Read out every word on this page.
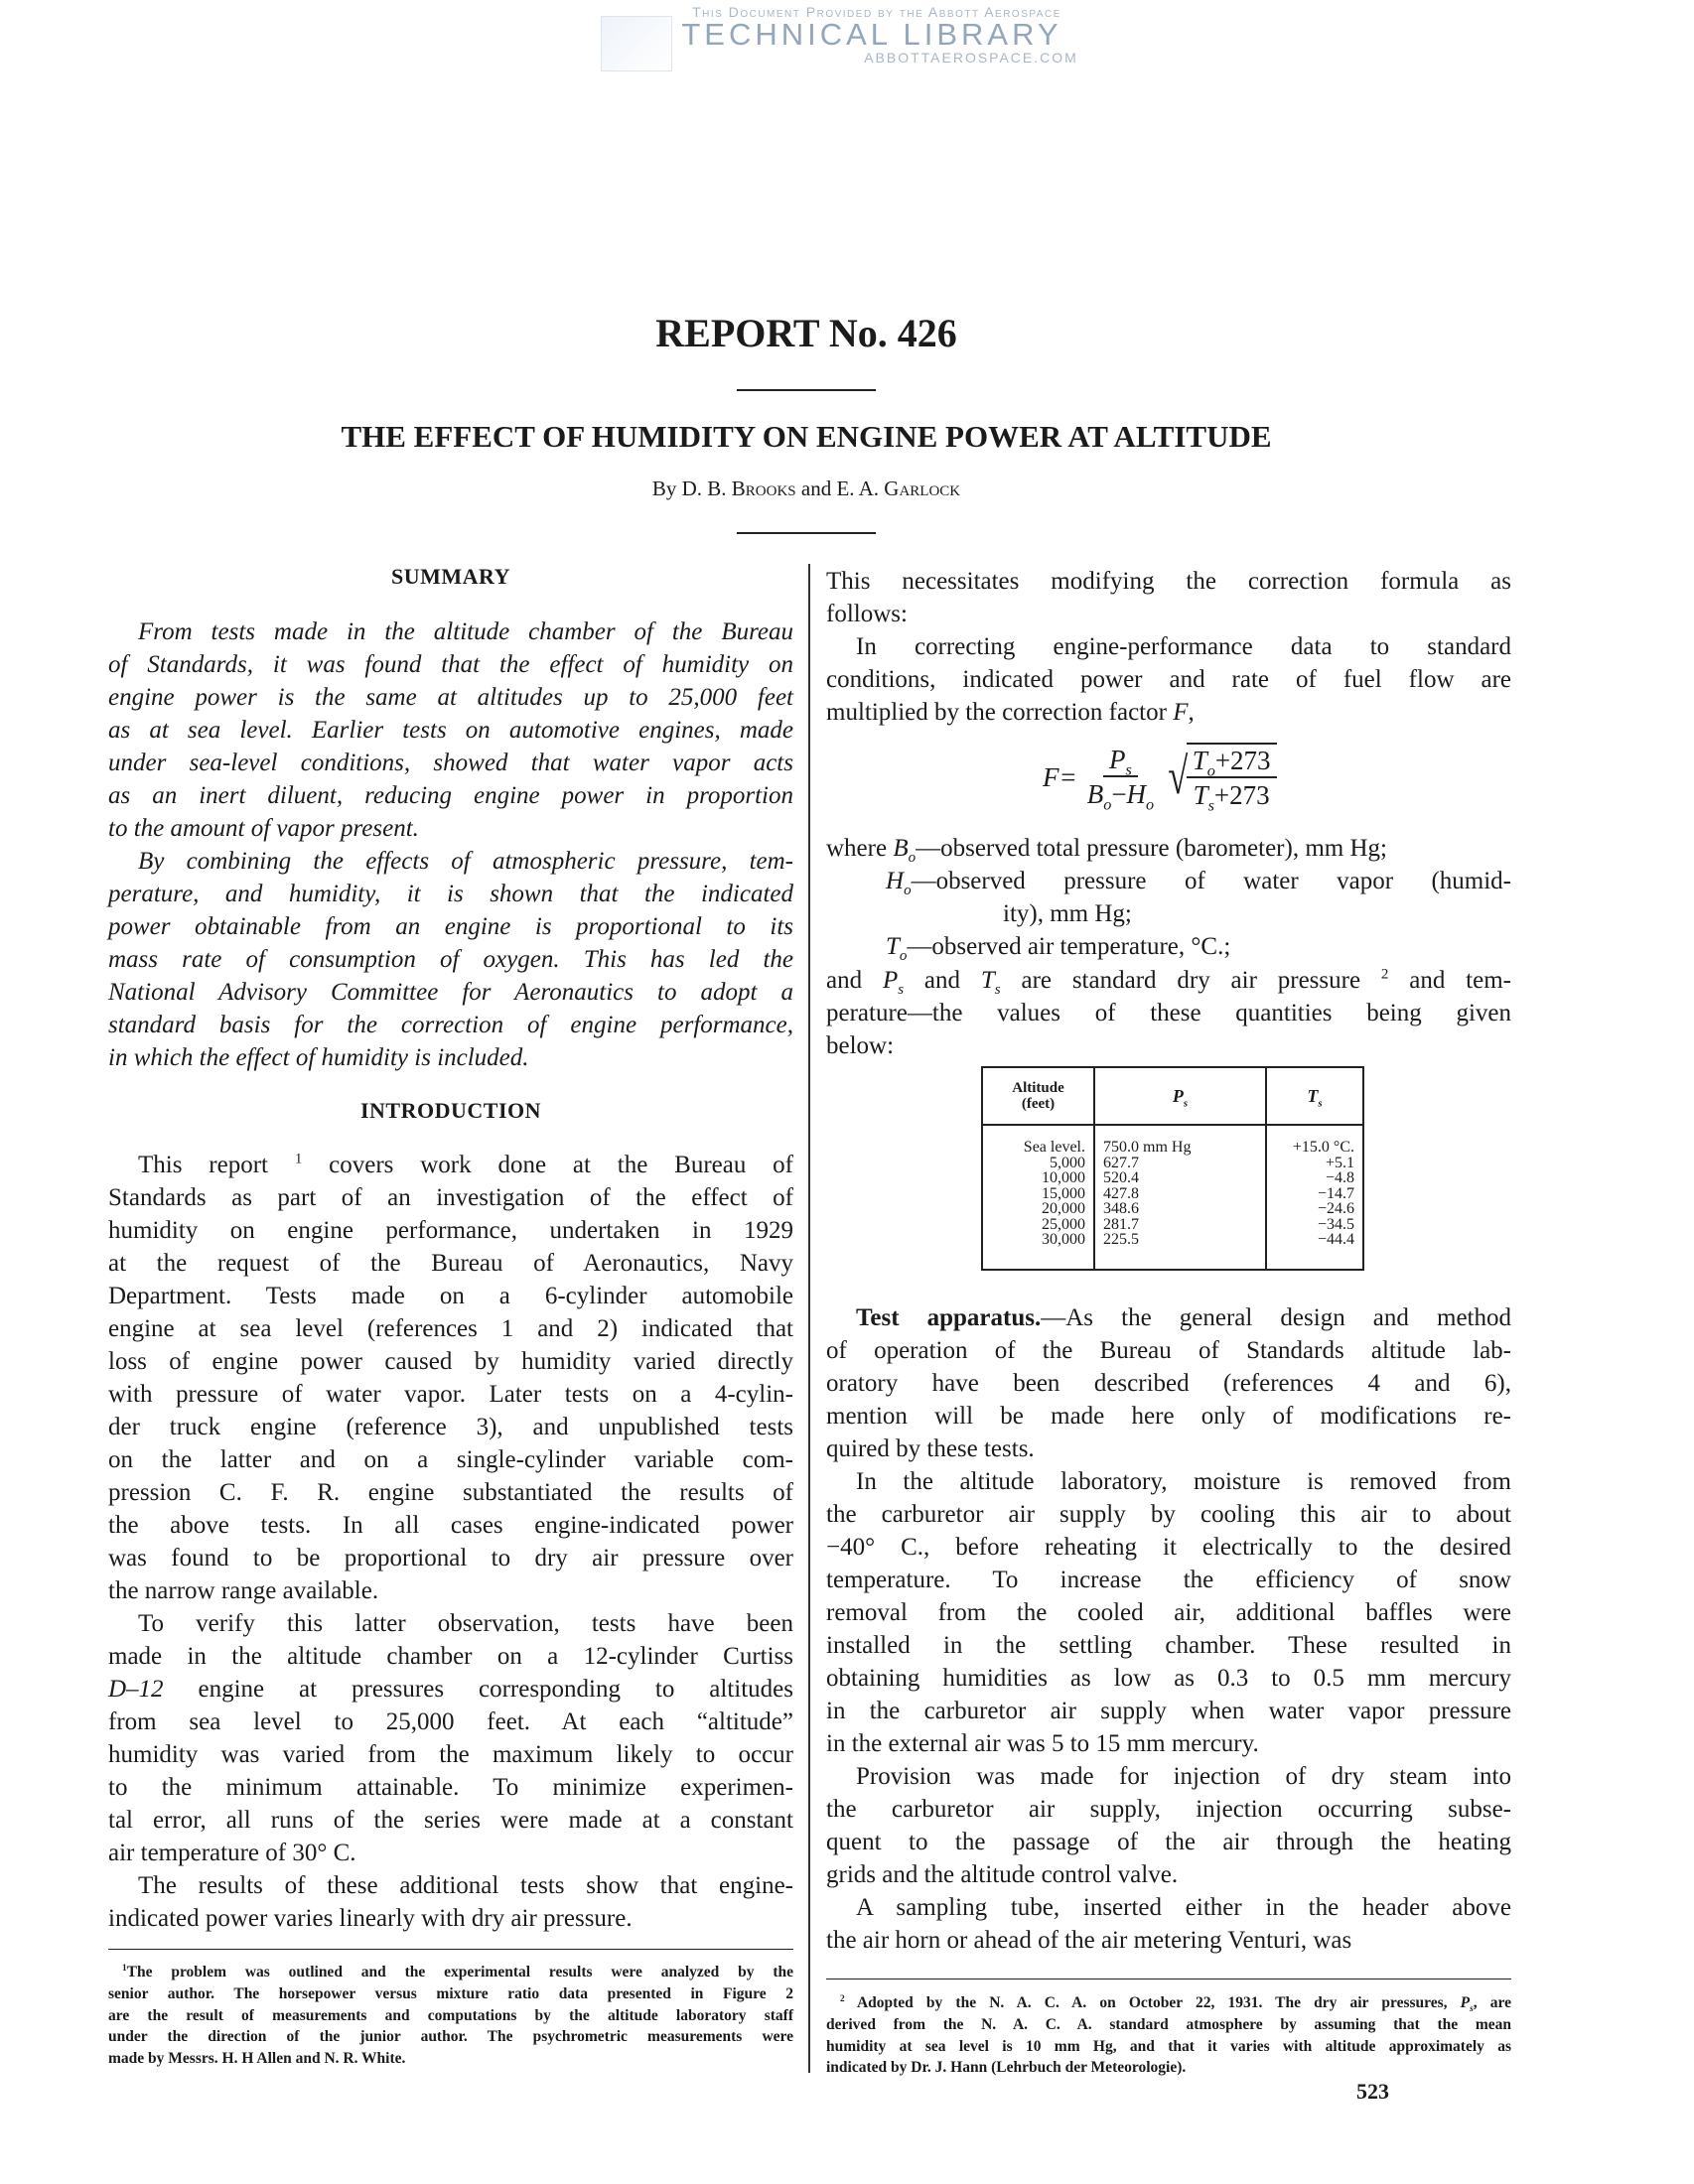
This Document Provided by the Abbott Aerospace
TECHNICAL LIBRARY
ABBOTTAEROSPACE.COM
REPORT No. 426
THE EFFECT OF HUMIDITY ON ENGINE POWER AT ALTITUDE
By D. B. Brooks and E. A. Garlock
SUMMARY
From tests made in the altitude chamber of the Bureau
of Standards, it was found that the effect of humidity on
engine power is the same at altitudes up to 25,000 feet
as at sea level. Earlier tests on automotive engines, made
under sea-level conditions, showed that water vapor acts
as an inert diluent, reducing engine power in proportion
to the amount of vapor present.
By combining the effects of atmospheric pressure, tem-
perature, and humidity, it is shown that the indicated
power obtainable from an engine is proportional to its
mass rate of consumption of oxygen. This has led the
National Advisory Committee for Aeronautics to adopt a
standard basis for the correction of engine performance,
in which the effect of humidity is included.
INTRODUCTION
This report $^1$ covers work done at the Bureau of
Standards as part of an investigation of the effect of
humidity on engine performance, undertaken in 1929
at the request of the Bureau of Aeronautics, Navy
Department. Tests made on a 6-cylinder automobile
engine at sea level (references 1 and 2) indicated that
loss of engine power caused by humidity varied directly
with pressure of water vapor. Later tests on a 4-cylin-
der truck engine (reference 3), and unpublished tests
on the latter and on a single-cylinder variable com-
pression C. F. R. engine substantiated the results of
the above tests. In all cases engine-indicated power
was found to be proportional to dry air pressure over
the narrow range available.
To verify this latter observation, tests have been
made in the altitude chamber on a 12-cylinder Curtiss
D–12 engine at pressures corresponding to altitudes
from sea level to 25,000 feet. At each “altitude”
humidity was varied from the maximum likely to occur
to the minimum attainable. To minimize experimen-
tal error, all runs of the series were made at a constant
air temperature of 30° C.
The results of these additional tests show that engine-
indicated power varies linearly with dry air pressure.
$^1$The problem was outlined and the experimental results were analyzed by the
senior author. The horsepower versus mixture ratio data presented in Figure 2
are the result of measurements and computations by the altitude laboratory staff
under the direction of the junior author. The psychrometric measurements were
made by Messrs. H. H Allen and N. R. White.
This necessitates modifying the correction formula as
follows:
In correcting engine-performance data to standard
conditions, indicated power and rate of fuel flow are
multiplied by the correction factor F,
$F= \frac{P_s}{B_o-H_o}$ √
$\frac{T_o+273}{T_s+273}$
where $B_o—observed$ total pressure (barometer), mm Hg;
$H_o—observed$ pressure of water vapor (humid-
ity), mm Hg;
$T_o—observed$ air temperature, °C.;
and $P_s$ and $T_s$ are standard dry air pressure $^2$ and tem-
perature—the values of these quantities being given
below:
Altitude
(feet)	$P_s$	$T_s$
Sea level.	750.0 mm Hg	+15.0 °C.
5,000	627.7	+5.1
10,000	520.4	−4.8
15,000	427.8	−14.7
20,000	348.6	−24.6
25,000	281.7	−34.5
30,000	225.5	−44.4

Test apparatus.—As the general design and method
of operation of the Bureau of Standards altitude lab-
oratory have been described (references 4 and 6),
mention will be made here only of modifications re-
quired by these tests.
In the altitude laboratory, moisture is removed from
the carburetor air supply by cooling this air to about
−40° C., before reheating it electrically to the desired
temperature. To increase the efficiency of snow
removal from the cooled air, additional baffles were
installed in the settling chamber. These resulted in
obtaining humidities as low as 0.3 to 0.5 mm mercury
in the carburetor air supply when water vapor pressure
in the external air was 5 to 15 mm mercury.
Provision was made for injection of dry steam into
the carburetor air supply, injection occurring subse-
quent to the passage of the air through the heating
grids and the altitude control valve.
A sampling tube, inserted either in the header above
the air horn or ahead of the air metering Venturi, was
$^2$ Adopted by the N. A. C. A. on October 22, 1931. The dry air pressures, $P_s$, are
derived from the N. A. C. A. standard atmosphere by assuming that the mean
humidity at sea level is 10 mm Hg, and that it varies with altitude approximately as
indicated by Dr. J. Hann (Lehrbuch der Meteorologie).
523
